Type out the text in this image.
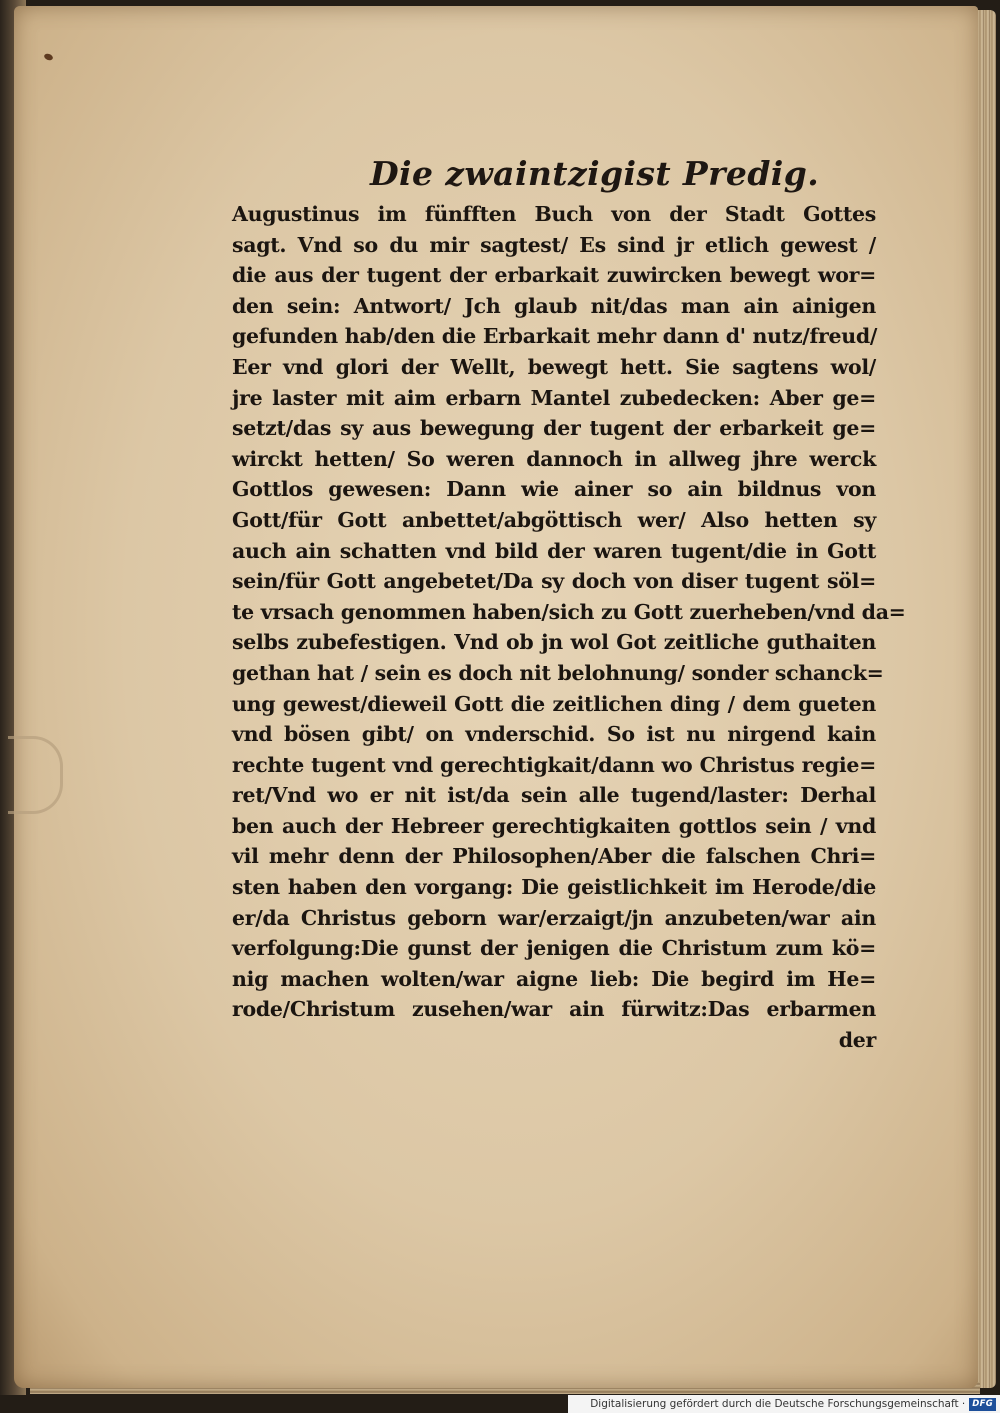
Die zwaintzigist Predig.
Augustinus im fünfften Buch von der Stadt Gottes
sagt. Vnd so du mir sagtest/ Es sind jr etlich gewest /
die aus der tugent der erbarkait zuwircken bewegt wor=
den sein: Antwort/ Jch glaub nit/das man ain ainigen
gefunden hab/den die Erbarkait mehr dann d' nutz/freud/
Eer vnd glori der Wellt, bewegt hett. Sie sagtens wol/
jre laster mit aim erbarn Mantel zubedecken: Aber ge=
setzt/das sy aus bewegung der tugent der erbarkeit ge=
wirckt hetten/ So weren dannoch in allweg jhre werck
Gottlos gewesen: Dann wie ainer so ain bildnus von
Gott/für Gott anbettet/abgöttisch wer/ Also hetten sy
auch ain schatten vnd bild der waren tugent/die in Gott
sein/für Gott angebetet/Da sy doch von diser tugent söl=
te vrsach genommen haben/sich zu Gott zuerheben/vnd da=
selbs zubefestigen. Vnd ob jn wol Got zeitliche guthaiten
gethan hat / sein es doch nit belohnung/ sonder schanck=
ung gewest/dieweil Gott die zeitlichen ding / dem gueten
vnd bösen gibt/ on vnderschid. So ist nu nirgend kain
rechte tugent vnd gerechtigkait/dann wo Christus regie=
ret/Vnd wo er nit ist/da sein alle tugend/laster: Derhal
ben auch der Hebreer gerechtigkaiten gottlos sein / vnd
vil mehr denn der Philosophen/Aber die falschen Chri=
sten haben den vorgang: Die geistlichkeit im Herode/die
er/da Christus geborn war/erzaigt/jn anzubeten/war ain
verfolgung:Die gunst der jenigen die Christum zum kö=
nig machen wolten/war aigne lieb: Die begird im He=
rode/Christum zusehen/war ain fürwitz:Das erbarmen
der
Digitalisierung gefördert durch die Deutsche Forschungsgemeinschaft · DFG
